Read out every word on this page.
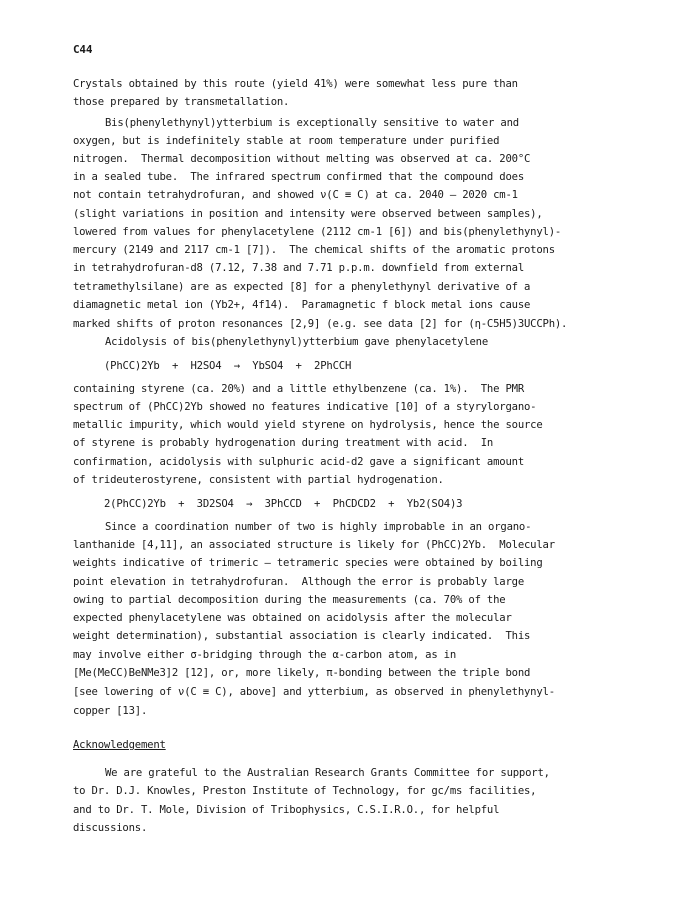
C44
Crystals obtained by this route (yield 41%) were somewhat less pure than
those prepared by transmetallation.
Bis(phenylethynyl)ytterbium is exceptionally sensitive to water and
oxygen, but is indefinitely stable at room temperature under purified
nitrogen.  Thermal decomposition without melting was observed at ca. 200°C
in a sealed tube.  The infrared spectrum confirmed that the compound does
not contain tetrahydrofuran, and showed ν(C ≡ C) at ca. 2040 – 2020 cm-1
(slight variations in position and intensity were observed between samples),
lowered from values for phenylacetylene (2112 cm-1 [6]) and bis(phenylethynyl)-
mercury (2149 and 2117 cm-1 [7]).  The chemical shifts of the aromatic protons
in tetrahydrofuran-d8 (7.12, 7.38 and 7.71 p.p.m. downfield from external
tetramethylsilane) are as expected [8] for a phenylethynyl derivative of a
diamagnetic metal ion (Yb2+, 4f14).  Paramagnetic f block metal ions cause
marked shifts of proton resonances [2,9] (e.g. see data [2] for (η-C5H5)3UCCPh).
Acidolysis of bis(phenylethynyl)ytterbium gave phenylacetylene
(PhCC)2Yb  +  H2SO4  →  YbSO4  +  2PhCCH
containing styrene (ca. 20%) and a little ethylbenzene (ca. 1%).  The PMR
spectrum of (PhCC)2Yb showed no features indicative [10] of a styrylorgano-
metallic impurity, which would yield styrene on hydrolysis, hence the source
of styrene is probably hydrogenation during treatment with acid.  In
confirmation, acidolysis with sulphuric acid-d2 gave a significant amount
of trideuterostyrene, consistent with partial hydrogenation.
2(PhCC)2Yb  +  3D2SO4  →  3PhCCD  +  PhCDCD2  +  Yb2(SO4)3
Since a coordination number of two is highly improbable in an organo-
lanthanide [4,11], an associated structure is likely for (PhCC)2Yb.  Molecular
weights indicative of trimeric — tetrameric species were obtained by boiling
point elevation in tetrahydrofuran.  Although the error is probably large
owing to partial decomposition during the measurements (ca. 70% of the
expected phenylacetylene was obtained on acidolysis after the molecular
weight determination), substantial association is clearly indicated.  This
may involve either σ-bridging through the α-carbon atom, as in
[Me(MeCC)BeNMe3]2 [12], or, more likely, π-bonding between the triple bond
[see lowering of ν(C ≡ C), above] and ytterbium, as observed in phenylethynyl-
copper [13].
Acknowledgement
We are grateful to the Australian Research Grants Committee for support,
to Dr. D.J. Knowles, Preston Institute of Technology, for gc/ms facilities,
and to Dr. T. Mole, Division of Tribophysics, C.S.I.R.O., for helpful
discussions.
